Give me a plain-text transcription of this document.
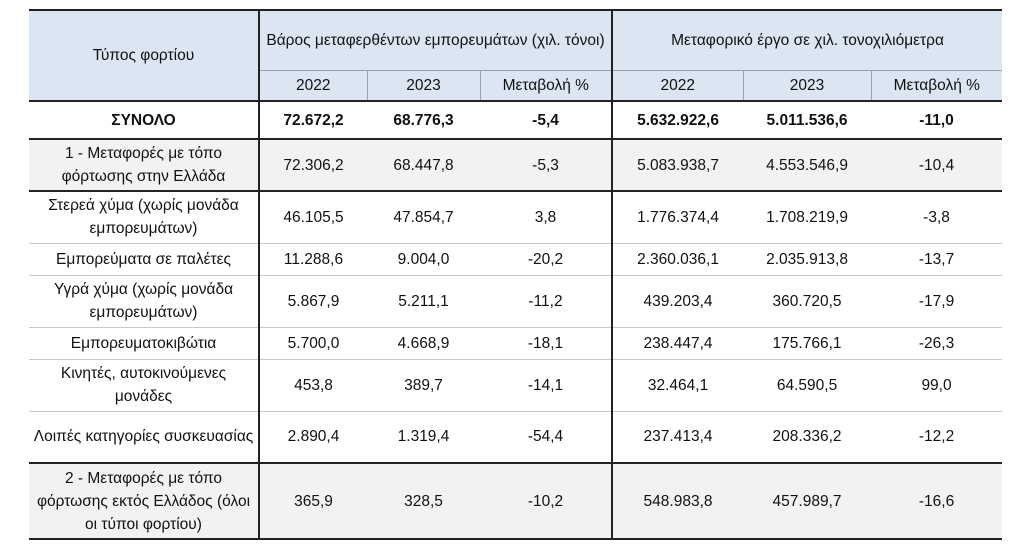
Τύπος φορτίου	Βάρος μεταφερθέντων εμπορευμάτων (χιλ. τόνοι)			Μεταφορικό έργο σε χιλ. τονοχιλιόμετρα		
	2022	2023	Μεταβολή %	2022	2023	Μεταβολή %
ΣΥΝΟΛΟ	72.672,2	68.776,3	-5,4	5.632.922,6	5.011.536,6	-11,0
1 - Μεταφορές με τόπο φόρτωσης στην Ελλάδα	72.306,2	68.447,8	-5,3	5.083.938,7	4.553.546,9	-10,4
Στερεά χύμα (χωρίς μονάδα εμπορευμάτων)	46.105,5	47.854,7	3,8	1.776.374,4	1.708.219,9	-3,8
Εμπορεύματα σε παλέτες	11.288,6	9.004,0	-20,2	2.360.036,1	2.035.913,8	-13,7
Υγρά χύμα (χωρίς μονάδα εμπορευμάτων)	5.867,9	5.211,1	-11,2	439.203,4	360.720,5	-17,9
Εμπορευματοκιβώτια	5.700,0	4.668,9	-18,1	238.447,4	175.766,1	-26,3
Κινητές, αυτοκινούμενες μονάδες	453,8	389,7	-14,1	32.464,1	64.590,5	99,0
Λοιπές κατηγορίες συσκευασίας	2.890,4	1.319,4	-54,4	237.413,4	208.336,2	-12,2
2 - Μεταφορές με τόπο φόρτωσης εκτός Ελλάδος (όλοι οι τύποι φορτίου)	365,9	328,5	-10,2	548.983,8	457.989,7	-16,6
